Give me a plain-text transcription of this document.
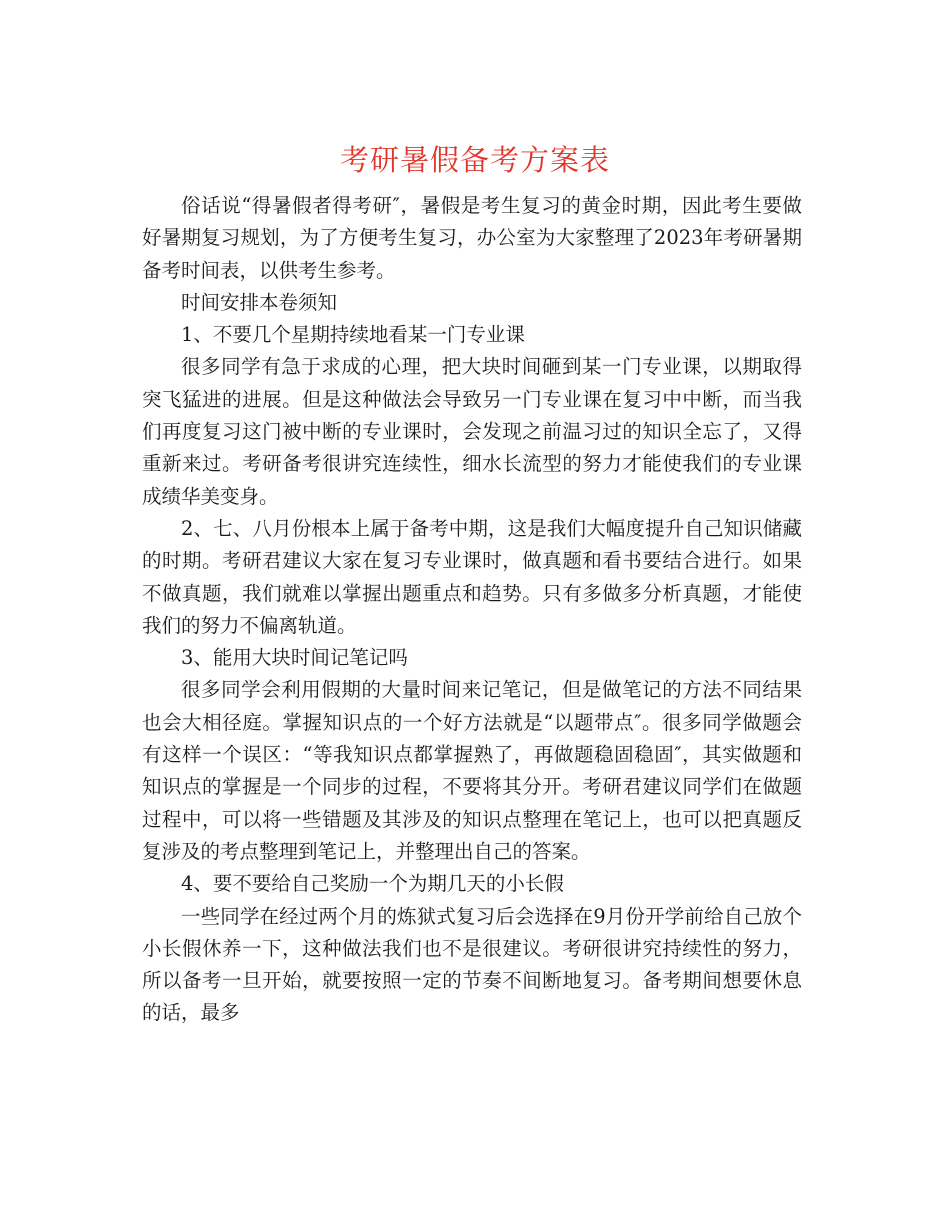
考研暑假备考方案表

俗话说“得暑假者得考研″，暑假是考生复习的黄金时期，因此考生要做好暑期复习规划，为了方便考生复习，办公室为大家整理了2023年考研暑期备考时间表，以供考生参考。

时间安排本卷须知

1、不要几个星期持续地看某一门专业课

很多同学有急于求成的心理，把大块时间砸到某一门专业课，以期取得突飞猛进的进展。但是这种做法会导致另一门专业课在复习中中断，而当我们再度复习这门被中断的专业课时，会发现之前温习过的知识全忘了，又得重新来过。考研备考很讲究连续性，细水长流型的努力才能使我们的专业课成绩华美变身。

2、七、八月份根本上属于备考中期，这是我们大幅度提升自己知识储藏的时期。考研君建议大家在复习专业课时，做真题和看书要结合进行。如果不做真题，我们就难以掌握出题重点和趋势。只有多做多分析真题，才能使我们的努力不偏离轨道。

3、能用大块时间记笔记吗

很多同学会利用假期的大量时间来记笔记，但是做笔记的方法不同结果也会大相径庭。掌握知识点的一个好方法就是“以题带点″。很多同学做题会有这样一个误区：“等我知识点都掌握熟了，再做题稳固稳固″，其实做题和知识点的掌握是一个同步的过程，不要将其分开。考研君建议同学们在做题过程中，可以将一些错题及其涉及的知识点整理在笔记上，也可以把真题反复涉及的考点整理到笔记上，并整理出自己的答案。

4、要不要给自己奖励一个为期几天的小长假

一些同学在经过两个月的炼狱式复习后会选择在9月份开学前给自己放个小长假休养一下，这种做法我们也不是很建议。考研很讲究持续性的努力，所以备考一旦开始，就要按照一定的节奏不间断地复习。备考期间想要休息的话，最多
